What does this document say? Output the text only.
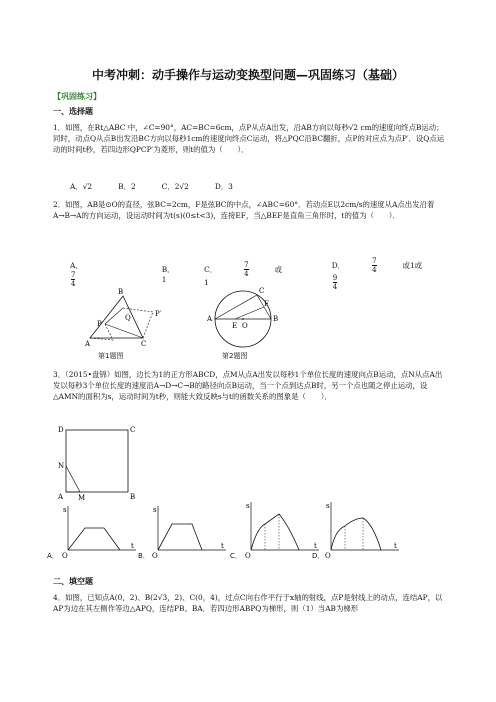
中考冲刺：动手操作与运动变换型问题—巩固练习（基础）
【巩固练习】
一、选择题

1．如图，在Rt△ABC 中，∠C=90°，AC=BC=6cm，点P从点A出发，沿AB方向以每秒√2 cm的速度向终点B运动；同时，动点Q从点B出发沿BC方向以每秒1cm的速度向终点C运动，将△PQC沿BC翻折，点P的对应点为点P′．设Q点运动的时间t秒，若四边形QPCP′为菱形，则t的值为（　　）．

A．√2	B．2	C．2√2	D．3

2．如图，AB是⊙O的直径，弦BC=2cm，F是弦BC的中点，∠ABC=60°．若动点E以2cm/s的速度从A点出发沿着A→B→A的方向运动，设运动时间为t(s)(0≤t<3)，连接EF，当△BEF是直角三角形时，t的值为（　　）．

A．
$\frac{7}{4}$
B．1
C．	$\frac{7}{4}$	或1
D．	$\frac{7}{4}$	或1或
$\frac{9}{4}$
B
A	C
Q	P′
P
第1题图
A	B
C
F
E O
第2题图

3．（2015•盘锦）如图，边长为1的正方形ABCD，点M从点A出发以每秒1个单位长度的速度向点B运动，点N从点A出发以每秒3个单位长度的速度沿A→D→C→B的路径向点B运动，当一个点到达点B时，另一个点也随之停止运动，设△AMN的面积为s，运动时间为t秒，则能大致反映s与t的函数关系的图象是（　　）．

D	C
N
A M	B
A．
s
t
O	B．
s
t
O	C．
s
t
O	D．
s
t
O
二、填空题

4．如图，已知点A(0，2)、B(2√3，2)、C(0，4)，过点C向右作平行于x轴的射线，点P是射线上的动点，连结AP，以AP为边在其左侧作等边△APQ，连结PB、BA．若四边形ABPQ为梯形，则（1）当AB为梯形
